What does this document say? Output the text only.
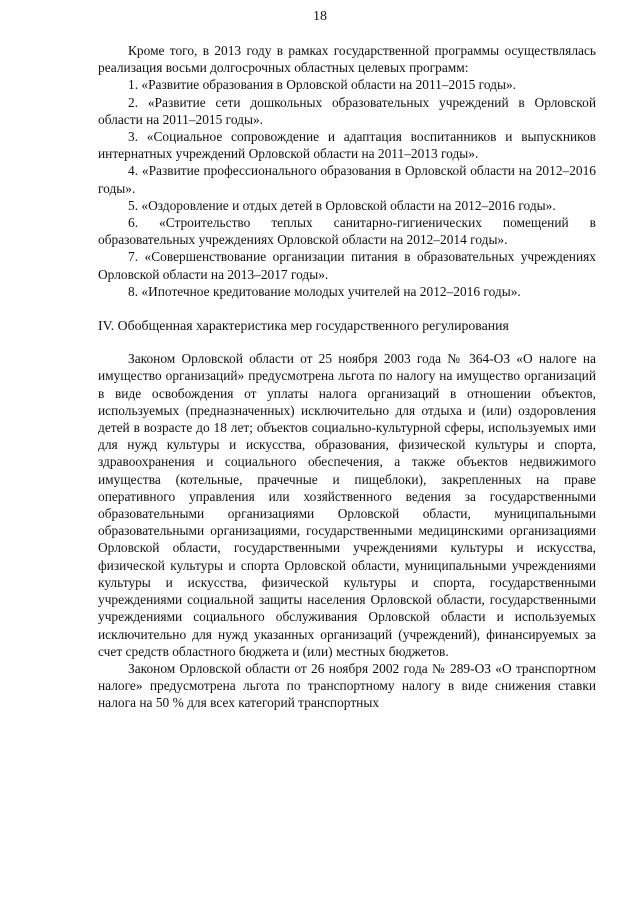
18

Кроме того, в 2013 году в рамках государственной программы осуществлялась реализация восьми долгосрочных областных целевых программ:

1. «Развитие образования в Орловской области на 2011–2015 годы».

2. «Развитие сети дошкольных образовательных учреждений в Орловской области на 2011–2015 годы».

3. «Социальное сопровождение и адаптация воспитанников и выпускников интернатных учреждений Орловской области на 2011–2013 годы».

4. «Развитие профессионального образования в Орловской области на 2012–2016 годы».

5. «Оздоровление и отдых детей в Орловской области на 2012–2016 годы».

6. «Строительство теплых санитарно-гигиенических помещений в образовательных учреждениях Орловской области на 2012–2014 годы».

7. «Совершенствование организации питания в образовательных учреждениях Орловской области на 2013–2017 годы».

8. «Ипотечное кредитование молодых учителей на 2012–2016 годы».

IV. Обобщенная характеристика мер государственного регулирования

Законом Орловской области от 25 ноября 2003 года № 364-ОЗ «О налоге на имущество организаций» предусмотрена льгота по налогу на имущество организаций в виде освобождения от уплаты налога организаций в отношении объектов, используемых (предназначенных) исключительно для отдыха и (или) оздоровления детей в возрасте до 18 лет; объектов социально-культурной сферы, используемых ими для нужд культуры и искусства, образования, физической культуры и спорта, здравоохранения и социального обеспечения, а также объектов недвижимого имущества (котельные, прачечные и пищеблоки), закрепленных на праве оперативного управления или хозяйственного ведения за государственными образовательными организациями Орловской области, муниципальными образовательными организациями, государственными медицинскими организациями Орловской области, государственными учреждениями культуры и искусства, физической культуры и спорта Орловской области, муниципальными учреждениями культуры и искусства, физической культуры и спорта, государственными учреждениями социальной защиты населения Орловской области, государственными учреждениями социального обслуживания Орловской области и используемых исключительно для нужд указанных организаций (учреждений), финансируемых за счет средств областного бюджета и (или) местных бюджетов.

Законом Орловской области от 26 ноября 2002 года № 289-ОЗ «О транспортном налоге» предусмотрена льгота по транспортному налогу в виде снижения ставки налога на 50 % для всех категорий транспортных
